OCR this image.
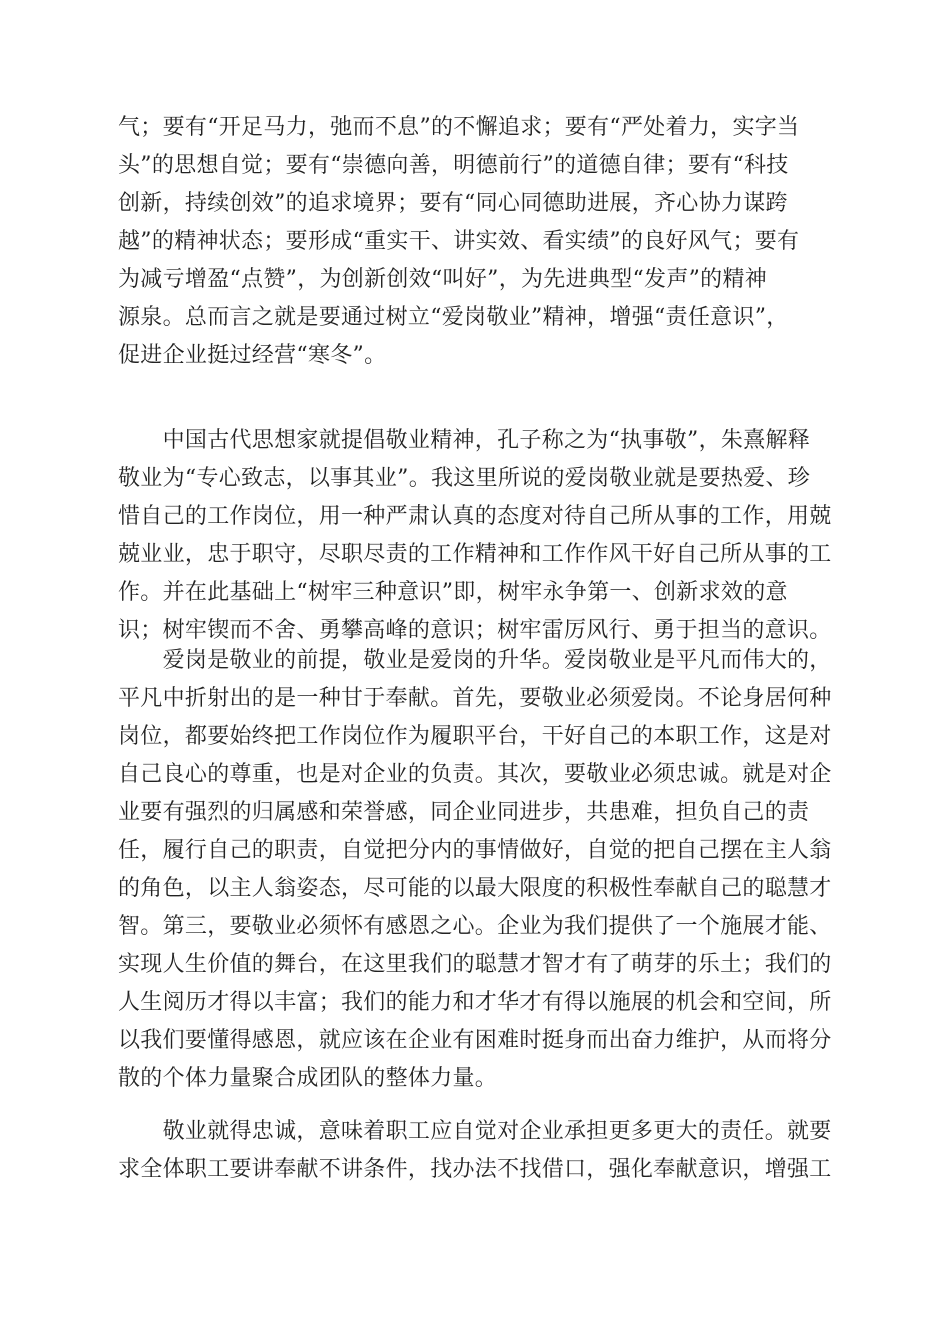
气；要有“开足马力，弛而不息”的不懈追求；要有“严处着力，实字当
头”的思想自觉；要有“崇德向善，明德前行”的道德自律；要有“科技
创新，持续创效”的追求境界；要有“同心同德助进展，齐心协力谋跨
越”的精神状态；要形成“重实干、讲实效、看实绩”的良好风气；要有
为减亏增盈“点赞”，为创新创效“叫好”，为先进典型“发声”的精神
源泉。总而言之就是要通过树立“爱岗敬业”精神，增强“责任意识”，
促进企业挺过经营“寒冬”。
　　中国古代思想家就提倡敬业精神，孔子称之为“执事敬”，朱熹解释
敬业为“专心致志，以事其业”。我这里所说的爱岗敬业就是要热爱、珍
惜自己的工作岗位，用一种严肃认真的态度对待自己所从事的工作，用兢
兢业业，忠于职守，尽职尽责的工作精神和工作作风干好自己所从事的工
作。并在此基础上“树牢三种意识”即，树牢永争第一、创新求效的意
识；树牢锲而不舍、勇攀高峰的意识；树牢雷厉风行、勇于担当的意识。
　　爱岗是敬业的前提，敬业是爱岗的升华。爱岗敬业是平凡而伟大的，
平凡中折射出的是一种甘于奉献。首先，要敬业必须爱岗。不论身居何种
岗位，都要始终把工作岗位作为履职平台，干好自己的本职工作，这是对
自己良心的尊重，也是对企业的负责。其次，要敬业必须忠诚。就是对企
业要有强烈的归属感和荣誉感，同企业同进步，共患难，担负自己的责
任，履行自己的职责，自觉把分内的事情做好，自觉的把自己摆在主人翁
的角色，以主人翁姿态，尽可能的以最大限度的积极性奉献自己的聪慧才
智。第三，要敬业必须怀有感恩之心。企业为我们提供了一个施展才能、
实现人生价值的舞台，在这里我们的聪慧才智才有了萌芽的乐土；我们的
人生阅历才得以丰富；我们的能力和才华才有得以施展的机会和空间，所
以我们要懂得感恩，就应该在企业有困难时挺身而出奋力维护，从而将分
散的个体力量聚合成团队的整体力量。
　　敬业就得忠诚，意味着职工应自觉对企业承担更多更大的责任。就要
求全体职工要讲奉献不讲条件，找办法不找借口，强化奉献意识，增强工
